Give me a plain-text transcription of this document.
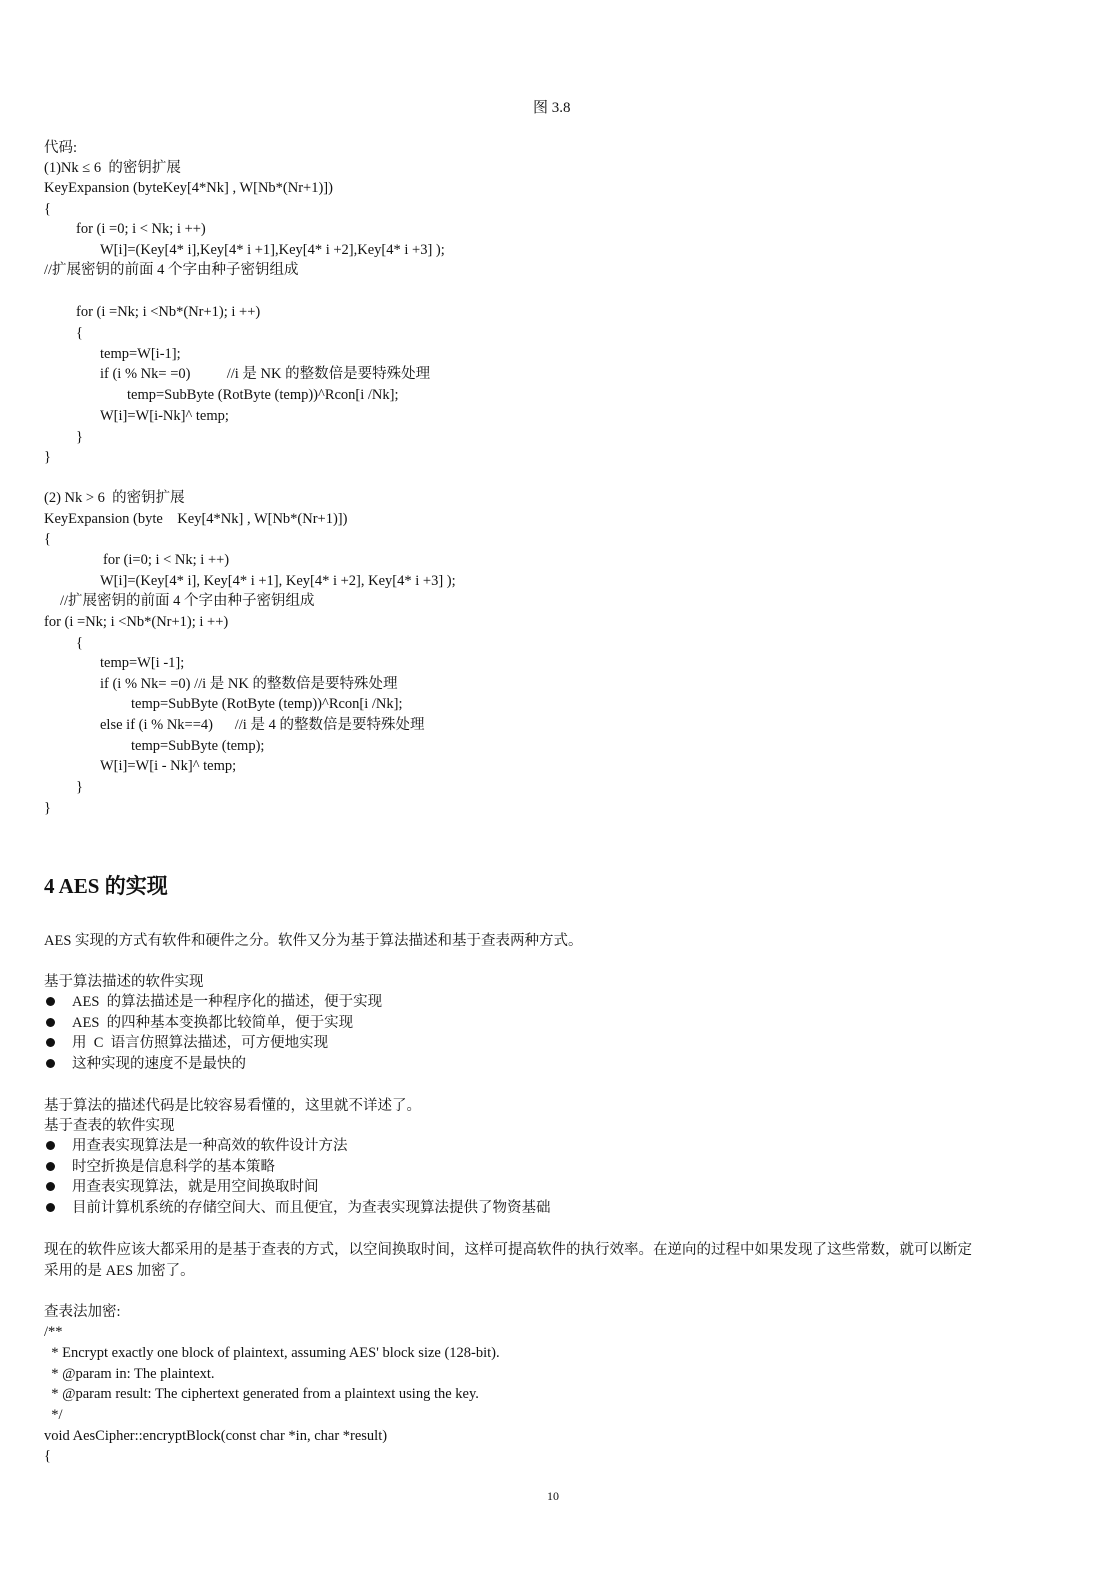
图 3.8
代码:
(1)Nk ≤ 6  的密钥扩展
KeyExpansion (byteKey[4*Nk] , W[Nb*(Nr+1)])
{
for (i =0; i < Nk; i ++)
W[i]=(Key[4* i],Key[4* i +1],Key[4* i +2],Key[4* i +3] );
//扩展密钥的前面 4 个字由种子密钥组成
for (i =Nk; i <Nb*(Nr+1); i ++)
{
temp=W[i-1];
if (i % Nk= =0)          //i 是 NK 的整数倍是要特殊处理
temp=SubByte (RotByte (temp))^Rcon[i /Nk];
W[i]=W[i-Nk]^ temp;
}
}
(2) Nk > 6  的密钥扩展
KeyExpansion (byte    Key[4*Nk] , W[Nb*(Nr+1)])
{
for (i=0; i < Nk; i ++)
W[i]=(Key[4* i], Key[4* i +1], Key[4* i +2], Key[4* i +3] );
//扩展密钥的前面 4 个字由种子密钥组成
for (i =Nk; i <Nb*(Nr+1); i ++)
{
temp=W[i -1];
if (i % Nk= =0) //i 是 NK 的整数倍是要特殊处理
temp=SubByte (RotByte (temp))^Rcon[i /Nk];
else if (i % Nk==4)      //i 是 4 的整数倍是要特殊处理
temp=SubByte (temp);
W[i]=W[i - Nk]^ temp;
}
}
4 AES 的实现
AES 实现的方式有软件和硬件之分。软件又分为基于算法描述和基于查表两种方式。
基于算法描述的软件实现
AES  的算法描述是一种程序化的描述，便于实现
AES  的四种基本变换都比较简单，便于实现
用  C  语言仿照算法描述，可方便地实现
这种实现的速度不是最快的
基于算法的描述代码是比较容易看懂的，这里就不详述了。
基于查表的软件实现
用查表实现算法是一种高效的软件设计方法
时空折换是信息科学的基本策略
用查表实现算法，就是用空间换取时间
目前计算机系统的存储空间大、而且便宜，为查表实现算法提供了物资基础
现在的软件应该大都采用的是基于查表的方式，以空间换取时间，这样可提高软件的执行效率。在逆向的过程中如果发现了这些常数，就可以断定
采用的是 AES 加密了。
查表法加密:
/**
* Encrypt exactly one block of plaintext, assuming AES' block size (128-bit).
* @param in: The plaintext.
* @param result: The ciphertext generated from a plaintext using the key.
*/
void AesCipher::encryptBlock(const char *in, char *result)
{
10
